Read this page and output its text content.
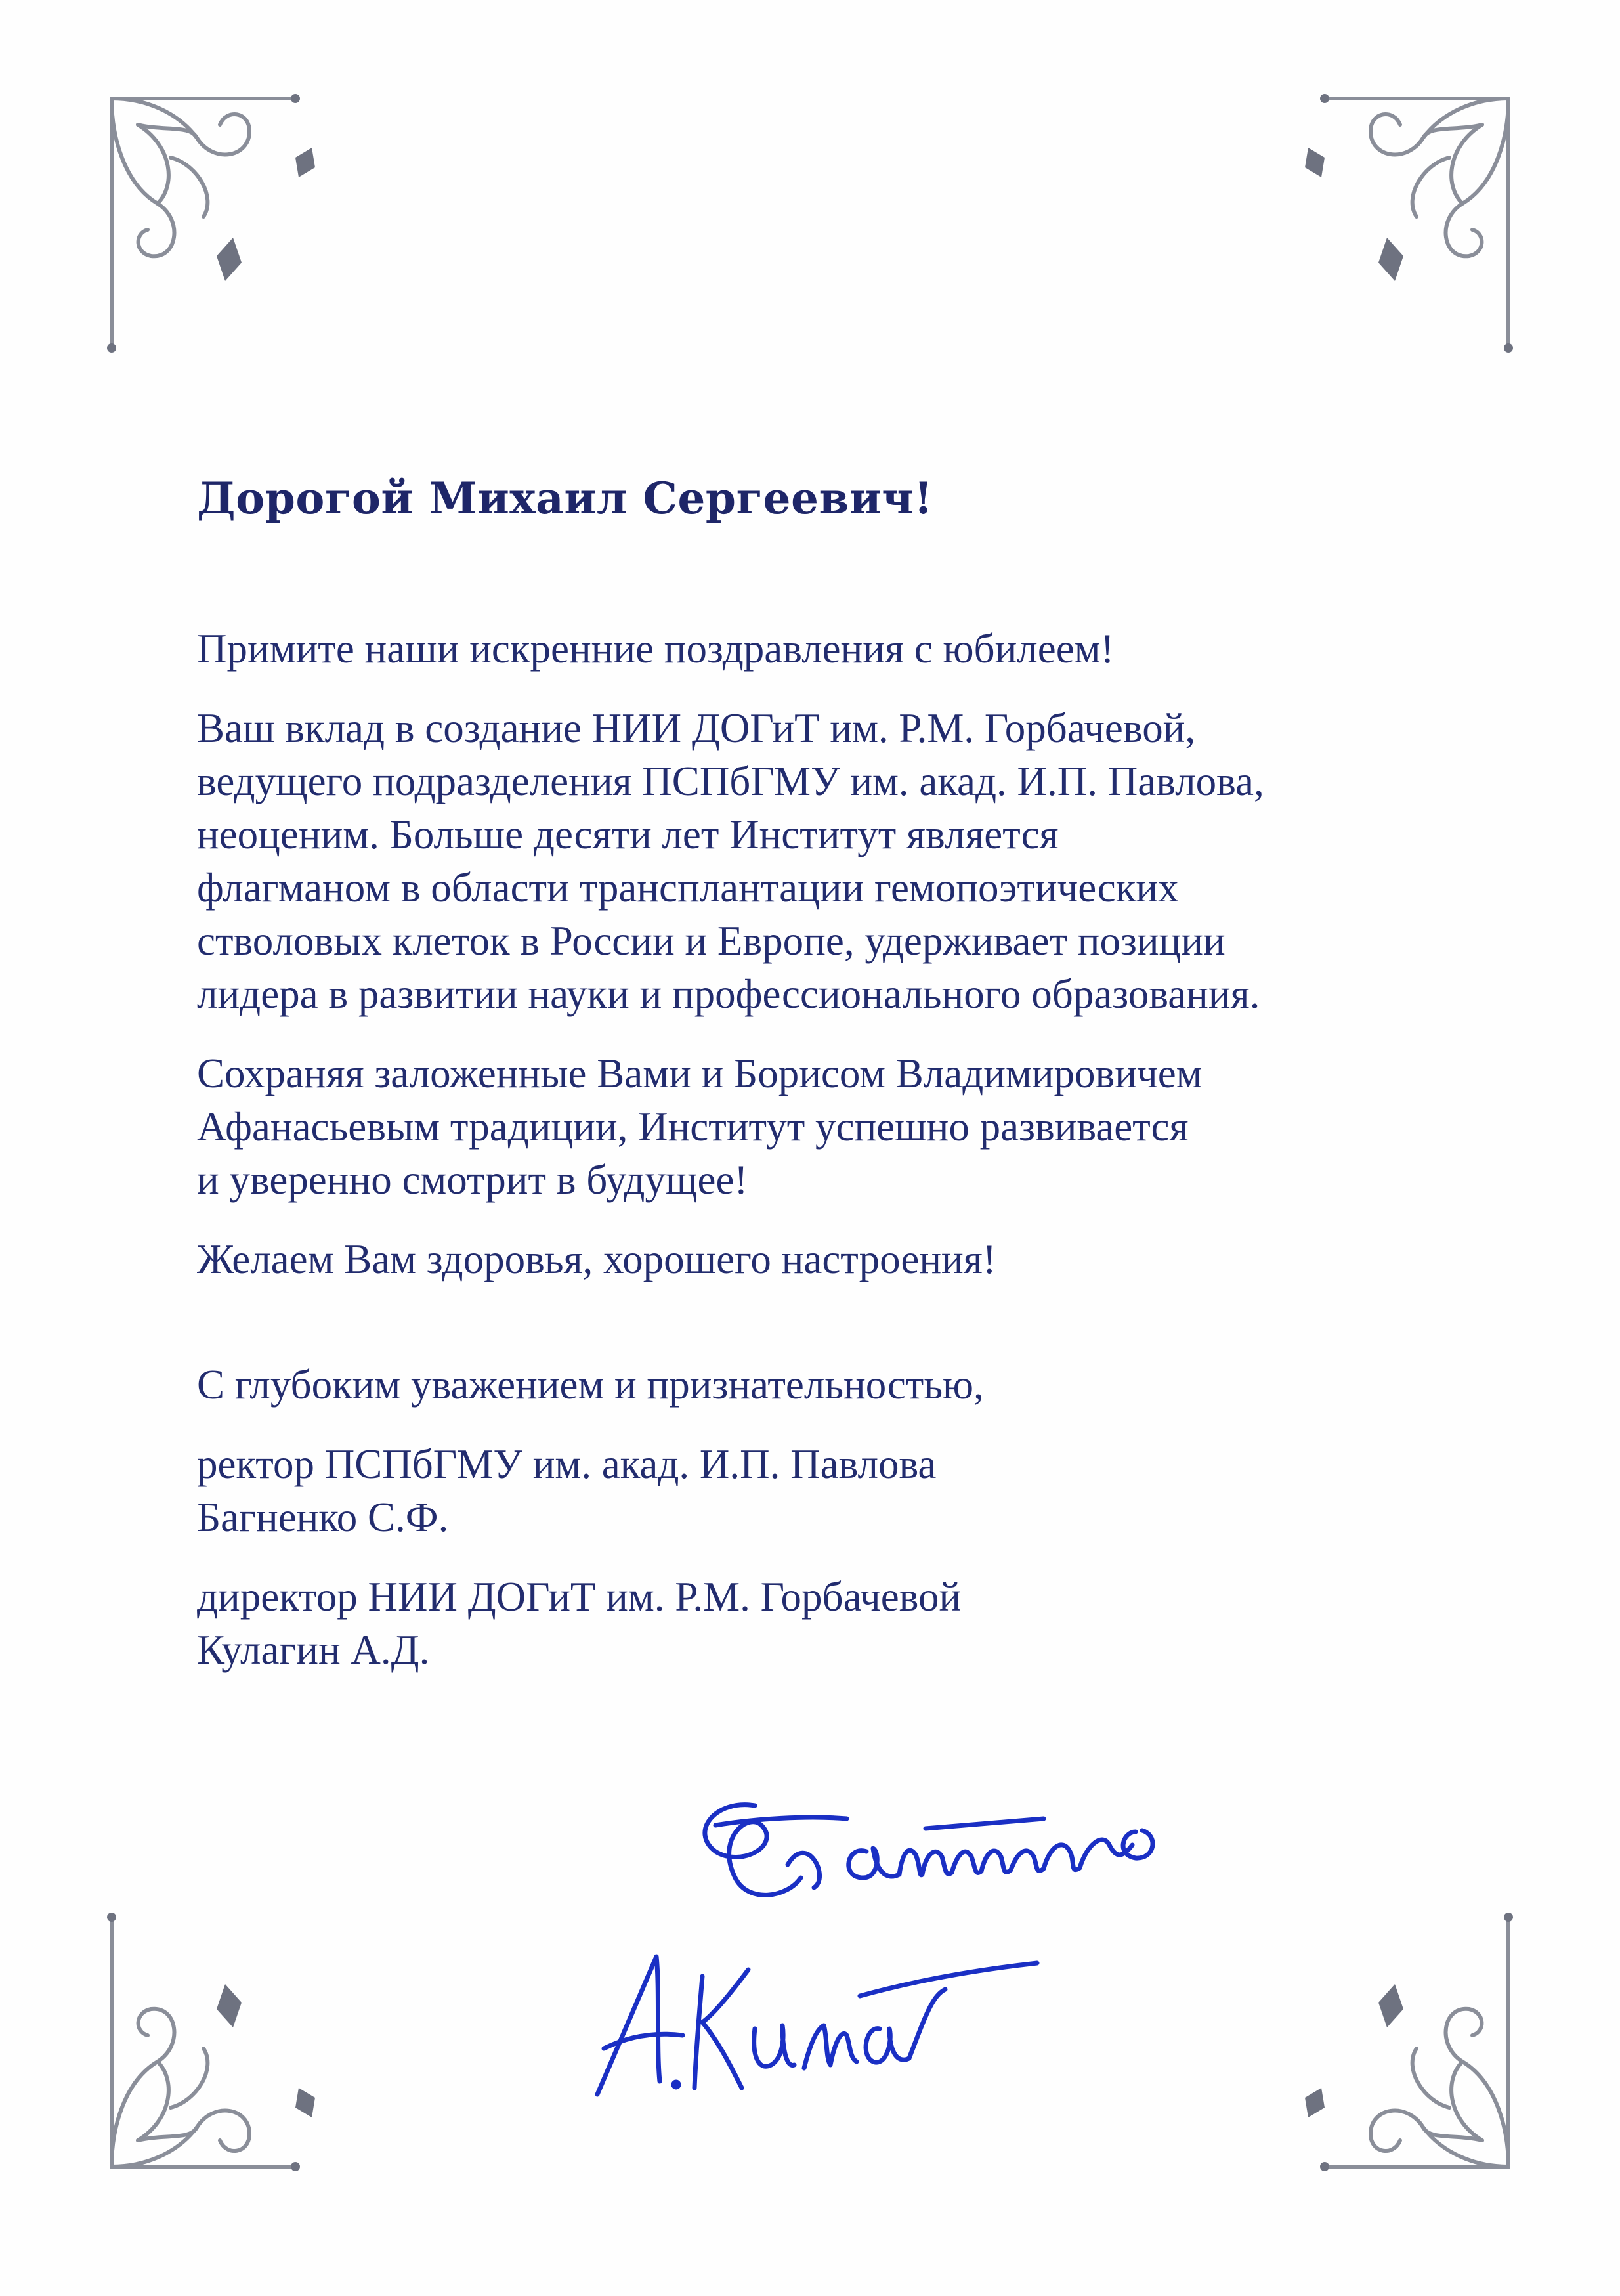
Дорогой Михаил Сергеевич!

Примите наши искренние поздравления с юбилеем!

Ваш вклад в создание НИИ ДОГиТ им. Р.М. Горбачевой,
ведущего подразделения ПСПбГМУ им. акад. И.П. Павлова,
неоценим. Больше десяти лет Институт является
флагманом в области трансплантации гемопоэтических
стволовых клеток в России и Европе, удерживает позиции
лидера в развитии науки и профессионального образования.

Сохраняя заложенные Вами и Борисом Владимировичем
Афанасьевым традиции, Институт успешно развивается
и уверенно смотрит в будущее!

Желаем Вам здоровья, хорошего настроения!

С глубоким уважением и признательностью,

ректор ПСПбГМУ им. акад. И.П. Павлова
Багненко С.Ф.

директор НИИ ДОГиТ им. Р.М. Горбачевой
Кулагин А.Д.
